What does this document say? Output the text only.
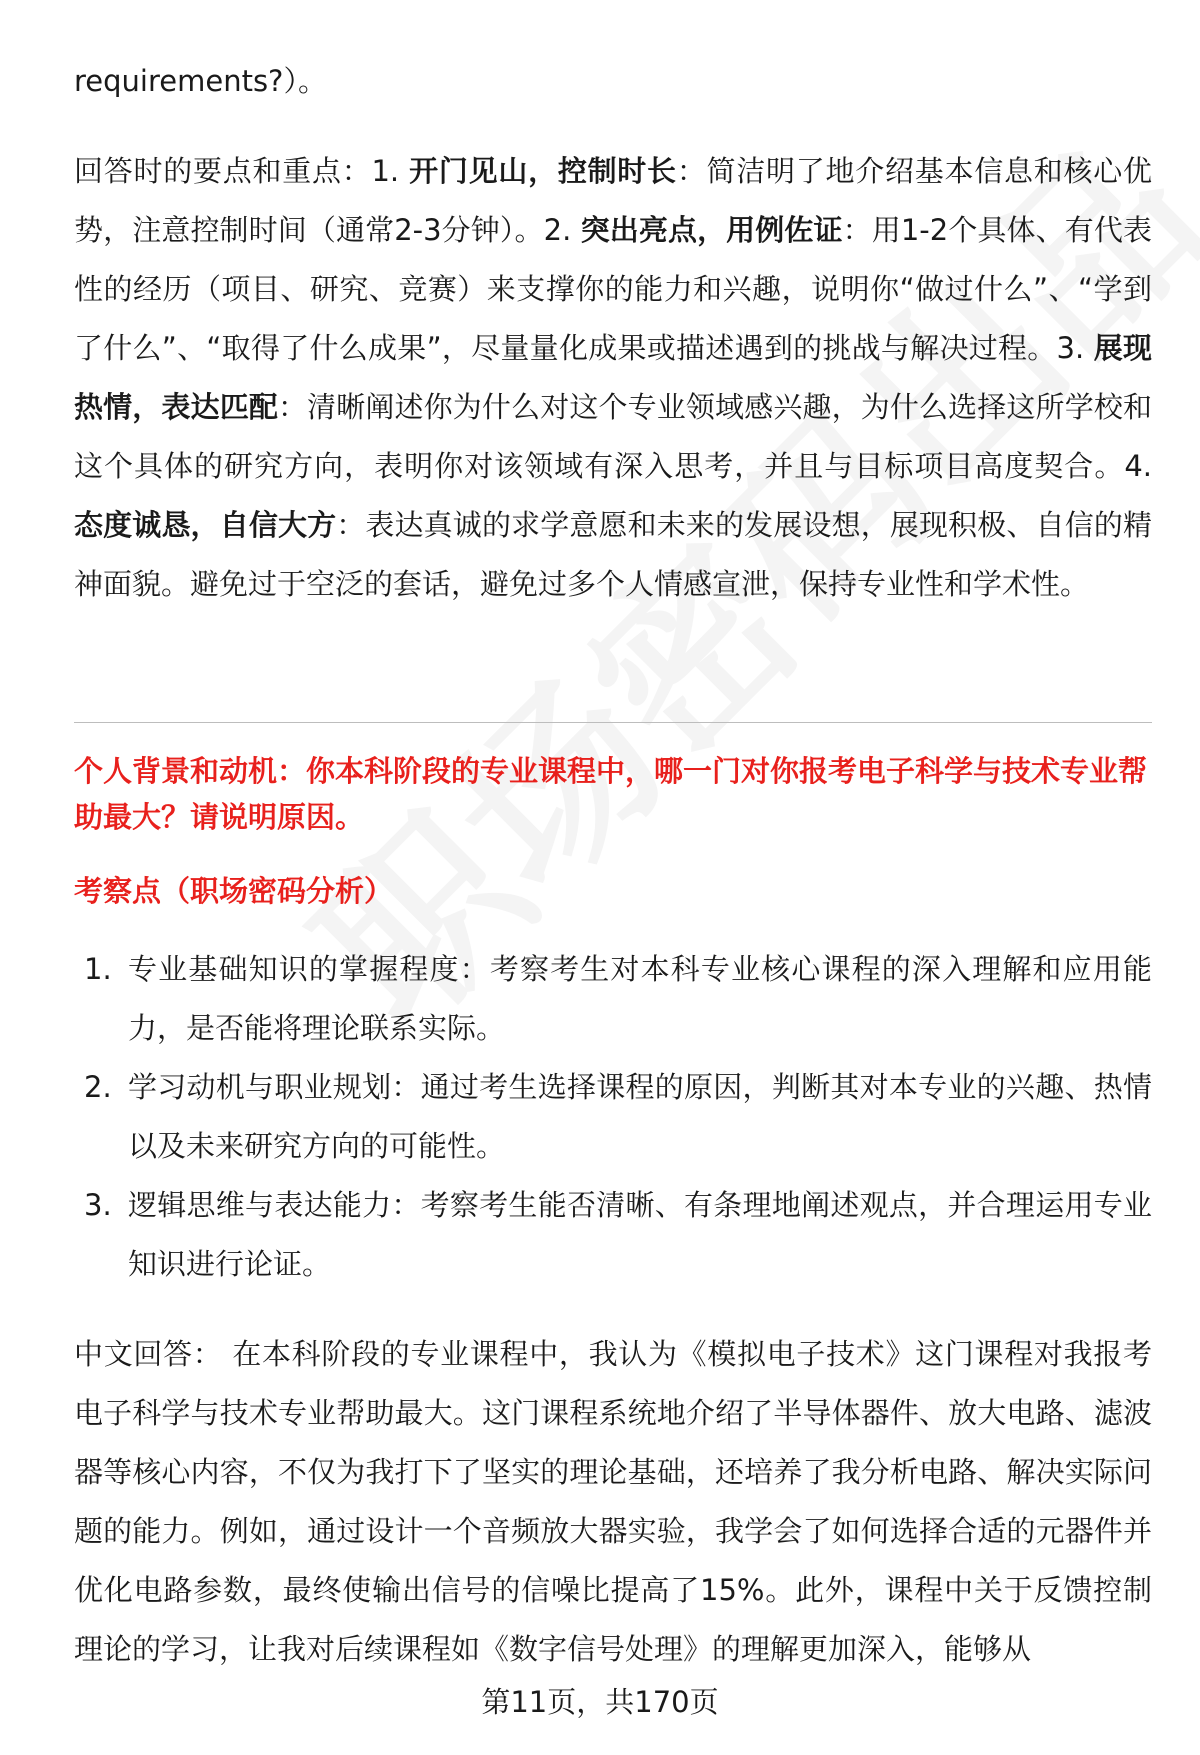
requirements?）。

回答时的要点和重点：1. 开门见山，控制时长：简洁明了地介绍基本信息和核心优势，注意控制时间（通常2-3分钟）。2. 突出亮点，用例佐证：用1-2个具体、有代表性的经历（项目、研究、竞赛）来支撑你的能力和兴趣，说明你“做过什么”、“学到了什么”、“取得了什么成果”，尽量量化成果或描述遇到的挑战与解决过程。3. 展现热情，表达匹配：清晰阐述你为什么对这个专业领域感兴趣，为什么选择这所学校和这个具体的研究方向，表明你对该领域有深入思考，并且与目标项目高度契合。4. 态度诚恳，自信大方：表达真诚的求学意愿和未来的发展设想，展现积极、自信的精神面貌。避免过于空泛的套话，避免过多个人情感宣泄，保持专业性和学术性。

个人背景和动机：你本科阶段的专业课程中，哪一门对你报考电子科学与技术专业帮助最大？请说明原因。

考察点（职场密码分析）

1. 专业基础知识的掌握程度：考察考生对本科专业核心课程的深入理解和应用能力，是否能将理论联系实际。
2. 学习动机与职业规划：通过考生选择课程的原因，判断其对本专业的兴趣、热情以及未来研究方向的可能性。
3. 逻辑思维与表达能力：考察考生能否清晰、有条理地阐述观点，并合理运用专业知识进行论证。

中文回答： 在本科阶段的专业课程中，我认为《模拟电子技术》这门课程对我报考电子科学与技术专业帮助最大。这门课程系统地介绍了半导体器件、放大电路、滤波器等核心内容，不仅为我打下了坚实的理论基础，还培养了我分析电路、解决实际问题的能力。例如，通过设计一个音频放大器实验，我学会了如何选择合适的元器件并优化电路参数，最终使输出信号的信噪比提高了15%。此外，课程中关于反馈控制理论的学习，让我对后续课程如《数字信号处理》的理解更加深入，能够从

第11页，共170页
